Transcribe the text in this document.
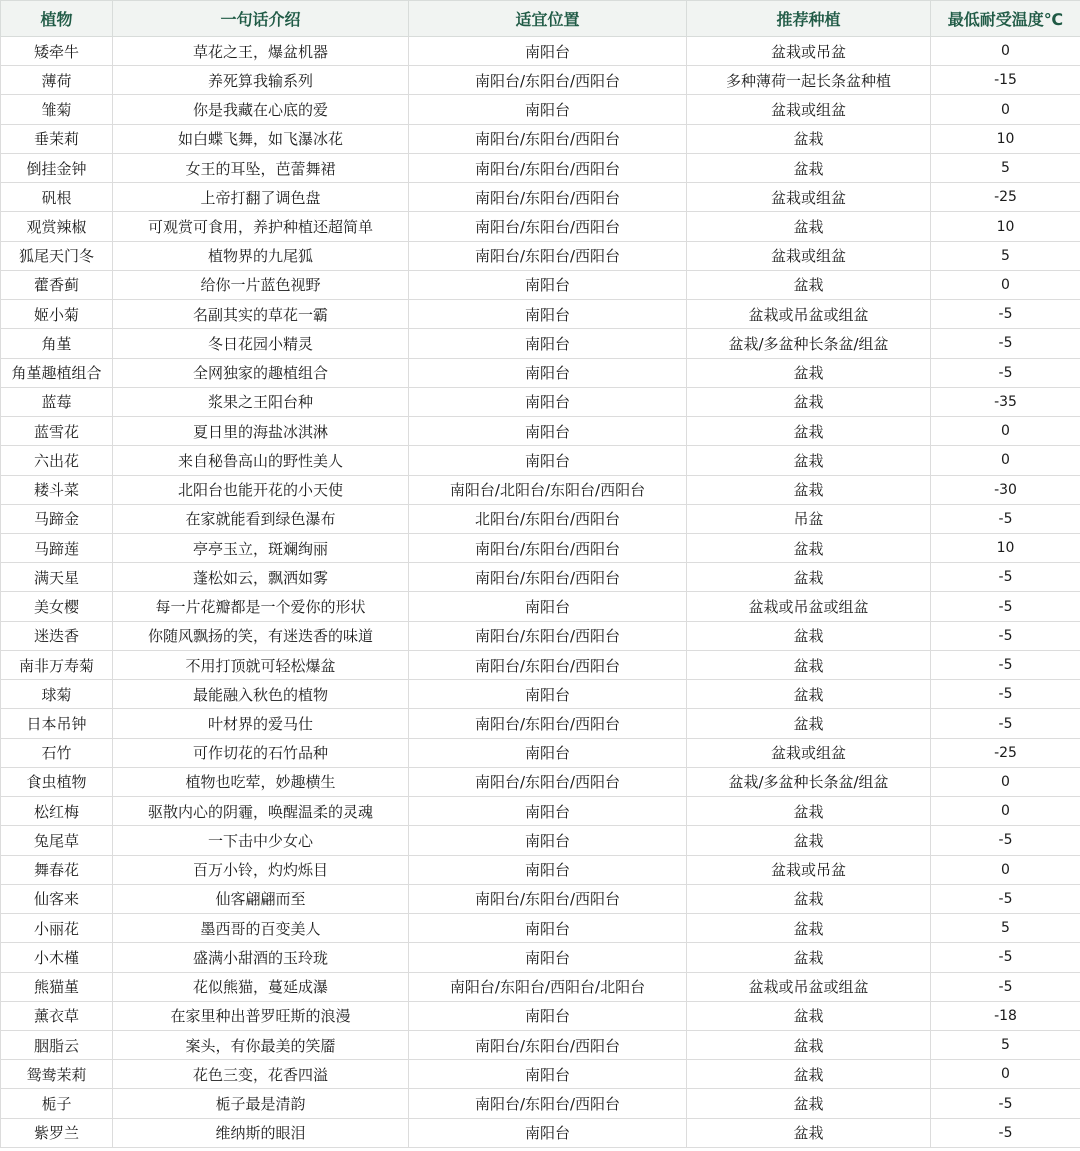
植物	一句话介绍	适宜位置	推荐种植	最低耐受温度℃
矮牵牛	草花之王，爆盆机器	南阳台	盆栽或吊盆	0
薄荷	养死算我输系列	南阳台/东阳台/西阳台	多种薄荷一起长条盆种植	-15
雏菊	你是我藏在心底的爱	南阳台	盆栽或组盆	0
垂茉莉	如白蝶飞舞，如飞瀑冰花	南阳台/东阳台/西阳台	盆栽	10
倒挂金钟	女王的耳坠，芭蕾舞裙	南阳台/东阳台/西阳台	盆栽	5
矾根	上帝打翻了调色盘	南阳台/东阳台/西阳台	盆栽或组盆	-25
观赏辣椒	可观赏可食用，养护种植还超简单	南阳台/东阳台/西阳台	盆栽	10
狐尾天门冬	植物界的九尾狐	南阳台/东阳台/西阳台	盆栽或组盆	5
藿香蓟	给你一片蓝色视野	南阳台	盆栽	0
姬小菊	名副其实的草花一霸	南阳台	盆栽或吊盆或组盆	-5
角堇	冬日花园小精灵	南阳台	盆栽/多盆种长条盆/组盆	-5
角堇趣植组合	全网独家的趣植组合	南阳台	盆栽	-5
蓝莓	浆果之王阳台种	南阳台	盆栽	-35
蓝雪花	夏日里的海盐冰淇淋	南阳台	盆栽	0
六出花	来自秘鲁高山的野性美人	南阳台	盆栽	0
耧斗菜	北阳台也能开花的小天使	南阳台/北阳台/东阳台/西阳台	盆栽	-30
马蹄金	在家就能看到绿色瀑布	北阳台/东阳台/西阳台	吊盆	-5
马蹄莲	亭亭玉立，斑斓绚丽	南阳台/东阳台/西阳台	盆栽	10
满天星	蓬松如云，飘洒如雾	南阳台/东阳台/西阳台	盆栽	-5
美女樱	每一片花瓣都是一个爱你的形状	南阳台	盆栽或吊盆或组盆	-5
迷迭香	你随风飘扬的笑，有迷迭香的味道	南阳台/东阳台/西阳台	盆栽	-5
南非万寿菊	不用打顶就可轻松爆盆	南阳台/东阳台/西阳台	盆栽	-5
球菊	最能融入秋色的植物	南阳台	盆栽	-5
日本吊钟	叶材界的爱马仕	南阳台/东阳台/西阳台	盆栽	-5
石竹	可作切花的石竹品种	南阳台	盆栽或组盆	-25
食虫植物	植物也吃荤，妙趣横生	南阳台/东阳台/西阳台	盆栽/多盆种长条盆/组盆	0
松红梅	驱散内心的阴霾，唤醒温柔的灵魂	南阳台	盆栽	0
兔尾草	一下击中少女心	南阳台	盆栽	-5
舞春花	百万小铃，灼灼烁目	南阳台	盆栽或吊盆	0
仙客来	仙客翩翩而至	南阳台/东阳台/西阳台	盆栽	-5
小丽花	墨西哥的百变美人	南阳台	盆栽	5
小木槿	盛满小甜酒的玉玲珑	南阳台	盆栽	-5
熊猫堇	花似熊猫，蔓延成瀑	南阳台/东阳台/西阳台/北阳台	盆栽或吊盆或组盆	-5
薰衣草	在家里种出普罗旺斯的浪漫	南阳台	盆栽	-18
胭脂云	案头，有你最美的笑靥	南阳台/东阳台/西阳台	盆栽	5
鸳鸯茉莉	花色三变，花香四溢	南阳台	盆栽	0
栀子	栀子最是清韵	南阳台/东阳台/西阳台	盆栽	-5
紫罗兰	维纳斯的眼泪	南阳台	盆栽	-5
